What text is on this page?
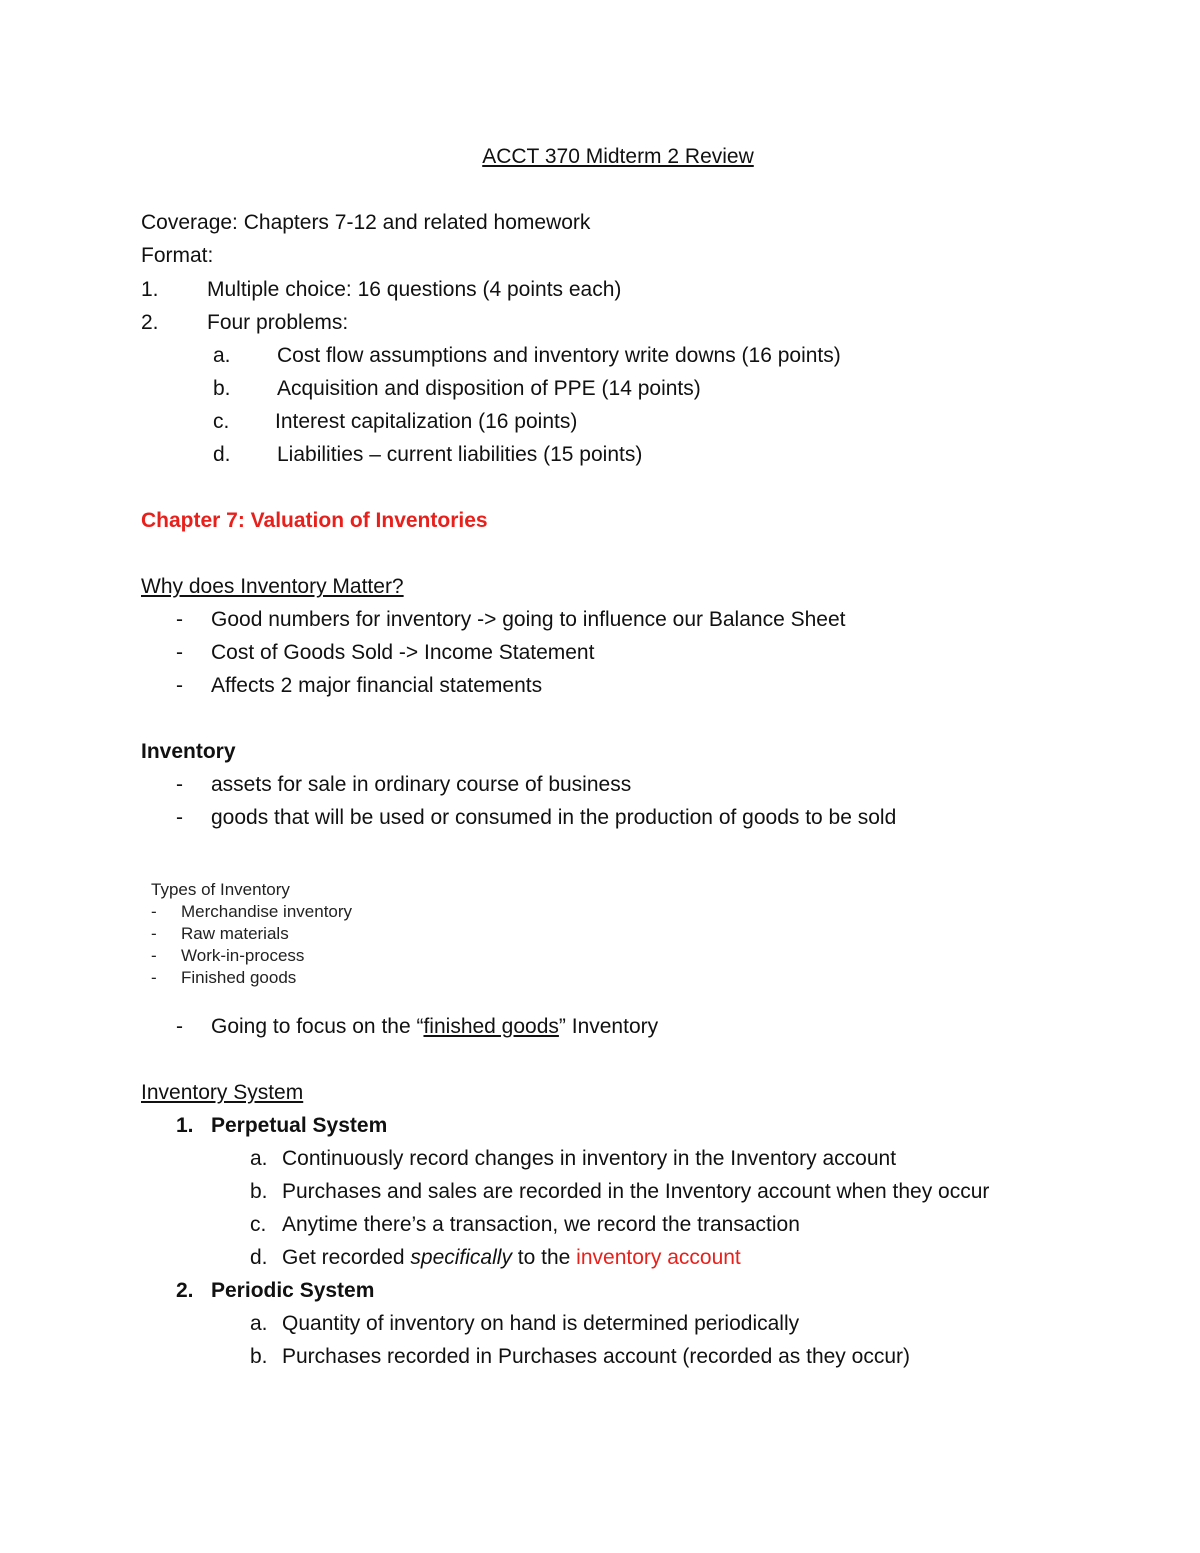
ACCT 370 Midterm 2 Review
Coverage: Chapters 7-12 and related homework
Format:
1. Multiple choice: 16 questions (4 points each)
2. Four problems:
a. Cost flow assumptions and inventory write downs (16 points)
b. Acquisition and disposition of PPE (14 points)
c. Interest capitalization (16 points)
d. Liabilities – current liabilities (15 points)
Chapter 7: Valuation of Inventories
Why does Inventory Matter?
- Good numbers for inventory -> going to influence our Balance Sheet
- Cost of Goods Sold -> Income Statement
- Affects 2 major financial statements
Inventory
- assets for sale in ordinary course of business
- goods that will be used or consumed in the production of goods to be sold
Types of Inventory
- Merchandise inventory
- Raw materials
- Work-in-process
- Finished goods
- Going to focus on the “finished goods” Inventory
Inventory System
1. Perpetual System
a. Continuously record changes in inventory in the Inventory account
b. Purchases and sales are recorded in the Inventory account when they occur
c. Anytime there’s a transaction, we record the transaction
d. Get recorded specifically to the inventory account
2. Periodic System
a. Quantity of inventory on hand is determined periodically
b. Purchases recorded in Purchases account (recorded as they occur)
